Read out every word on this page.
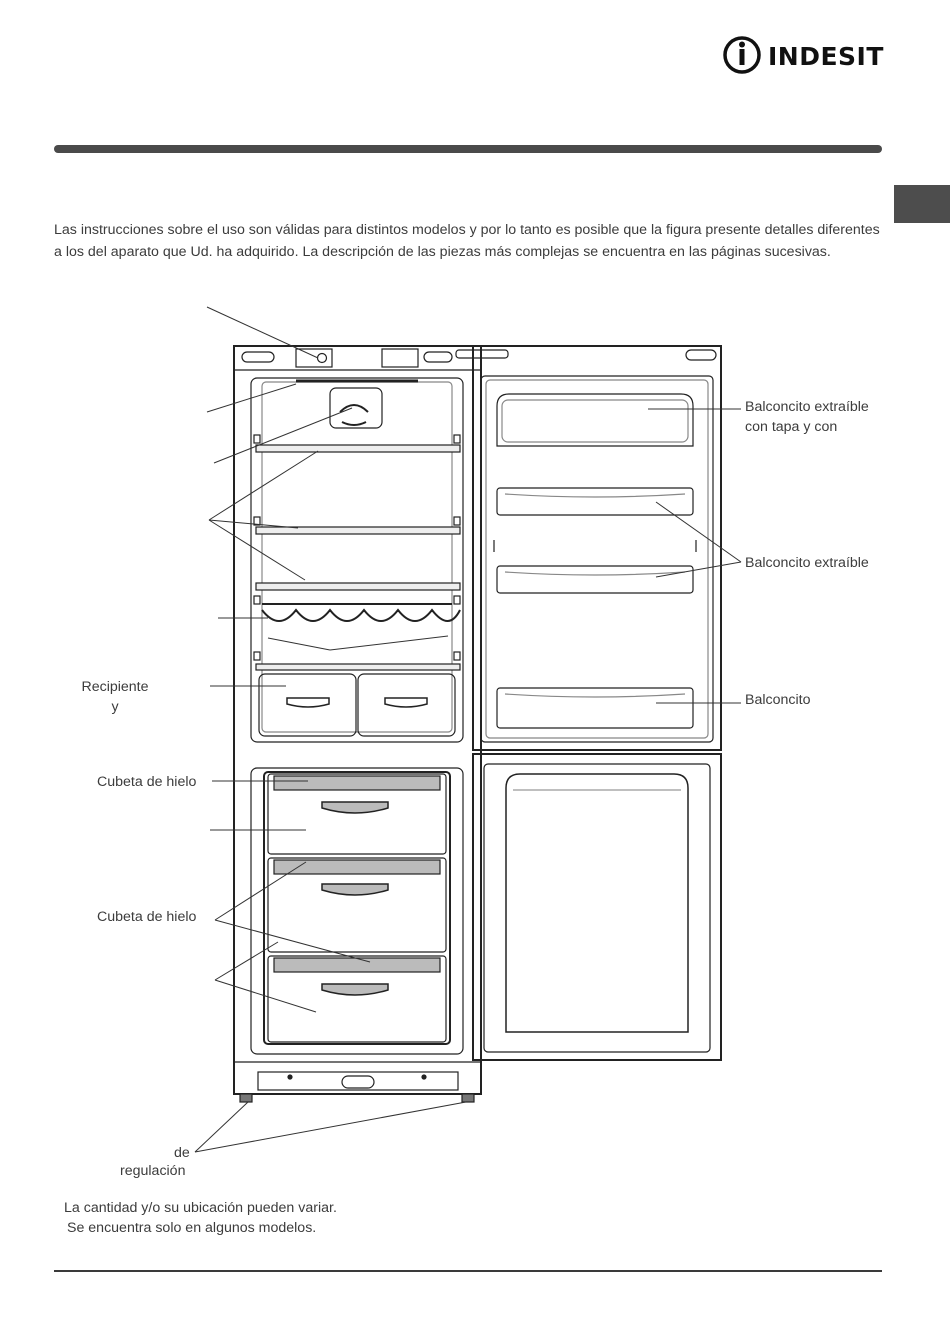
INDESIT

Las instrucciones sobre el uso son válidas para distintos modelos y por lo tanto es posible que la figura presente detalles diferentes a los del aparato que Ud. ha adquirido. La descripción de las piezas más complejas se encuentra en las páginas sucesivas.

Recipiente
y
Cubeta de hielo
Cubeta de hielo
de
regulación
Balconcito extraíble
con tapa y con
Balconcito extraíble
Balconcito
La cantidad y/o su ubicación pueden variar.
Se encuentra solo en algunos modelos.
